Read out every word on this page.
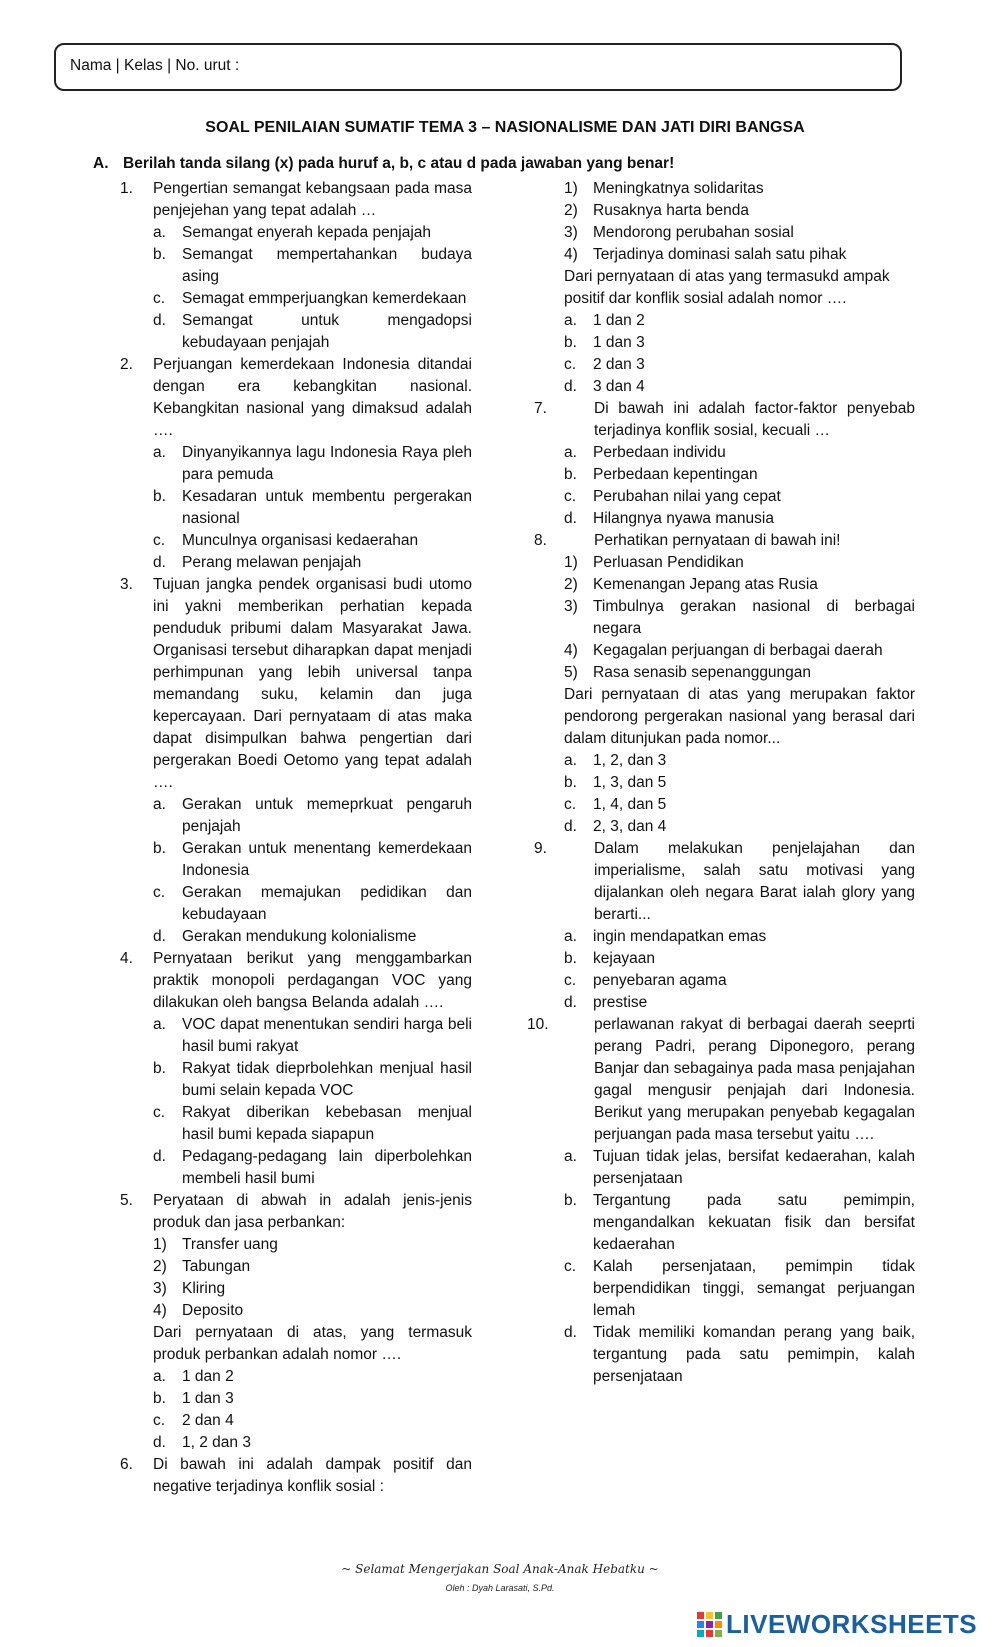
Nama | Kelas | No. urut :
SOAL PENILAIAN SUMATIF TEMA 3 – NASIONALISME DAN JATI DIRI BANGSA
A. Berilah tanda silang (x) pada huruf a, b, c atau d pada jawaban yang benar!
1. Pengertian semangat kebangsaan pada masa penjejehan yang tepat adalah …
a. Semangat enyerah kepada penjajah
b. Semangat mempertahankan budaya asing
c. Semagat emmperjuangkan kemerdekaan
d. Semangat untuk mengadopsi kebudayaan penjajah
2. Perjuangan kemerdekaan Indonesia ditandai dengan era kebangkitan nasional. Kebangkitan nasional yang dimaksud adalah ….
a. Dinyanyikannya lagu Indonesia Raya pleh para pemuda
b. Kesadaran untuk membentu pergerakan nasional
c. Munculnya organisasi kedaerahan
d. Perang melawan penjajah
3. Tujuan jangka pendek organisasi budi utomo ini yakni memberikan perhatian kepada penduduk pribumi dalam Masyarakat Jawa. Organisasi tersebut diharapkan dapat menjadi perhimpunan yang lebih universal tanpa memandang suku, kelamin dan juga kepercayaan. Dari pernyataam di atas maka dapat disimpulkan bahwa pengertian dari pergerakan Boedi Oetomo yang tepat adalah ….
a. Gerakan untuk memeprkuat pengaruh penjajah
b. Gerakan untuk menentang kemerdekaan Indonesia
c. Gerakan memajukan pedidikan dan kebudayaan
d. Gerakan mendukung kolonialisme
4. Pernyataan berikut yang menggambarkan praktik monopoli perdagangan VOC yang dilakukan oleh bangsa Belanda adalah ….
a. VOC dapat menentukan sendiri harga beli hasil bumi rakyat
b. Rakyat tidak dieprbolehkan menjual hasil bumi selain kepada VOC
c. Rakyat diberikan kebebasan menjual hasil bumi kepada siapapun
d. Pedagang-pedagang lain diperbolehkan membeli hasil bumi
5. Peryataan di abwah in adalah jenis-jenis produk dan jasa perbankan:
1) Transfer uang
2) Tabungan
3) Kliring
4) Deposito
Dari pernyataan di atas, yang termasuk produk perbankan adalah nomor ….
a. 1 dan 2
b. 1 dan 3
c. 2 dan 4
d. 1, 2 dan 3
6. Di bawah ini adalah dampak positif dan negative terjadinya konflik sosial :
1) Meningkatnya solidaritas
2) Rusaknya harta benda
3) Mendorong perubahan sosial
4) Terjadinya dominasi salah satu pihak
Dari pernyataan di atas yang termasukd ampak positif dar konflik sosial adalah nomor ….
a. 1 dan 2
b. 1 dan 3
c. 2 dan 3
d. 3 dan 4
7.	Di bawah ini adalah factor-faktor penyebab terjadinya konflik sosial, kecuali …
a. Perbedaan individu
b. Perbedaan kepentingan
c. Perubahan nilai yang cepat
d. Hilangnya nyawa manusia
8.	Perhatikan pernyataan di bawah ini!
1) Perluasan Pendidikan
2) Kemenangan Jepang atas Rusia
3) Timbulnya gerakan nasional di berbagai negara
4) Kegagalan perjuangan di berbagai daerah
5) Rasa senasib sepenanggungan
Dari pernyataan di atas yang merupakan faktor pendorong pergerakan nasional yang berasal dari dalam ditunjukan pada nomor...
a. 1, 2, dan 3
b. 1, 3, dan 5
c. 1, 4, dan 5
d. 2, 3, dan 4
9.	Dalam melakukan penjelajahan dan imperialisme, salah satu motivasi yang dijalankan oleh negara Barat ialah glory yang berarti...
a. ingin mendapatkan emas
b. kejayaan
c. penyebaran agama
d. prestise
10.	perlawanan rakyat di berbagai daerah seeprti perang Padri, perang Diponegoro, perang Banjar dan sebagainya pada masa penjajahan gagal mengusir penjajah dari Indonesia. Berikut yang merupakan penyebab kegagalan perjuangan pada masa tersebut yaitu ….
a. Tujuan tidak jelas, bersifat kedaerahan, kalah persenjataan
b. Tergantung pada satu pemimpin, mengandalkan kekuatan fisik dan bersifat kedaerahan
c. Kalah persenjataan, pemimpin tidak berpendidikan tinggi, semangat perjuangan lemah
d. Tidak memiliki komandan perang yang baik, tergantung pada satu pemimpin, kalah persenjataan
~ Selamat Mengerjakan Soal Anak-Anak Hebatku ~
Oleh : Dyah Larasati, S.Pd.
LIVEWORKSHEETS
